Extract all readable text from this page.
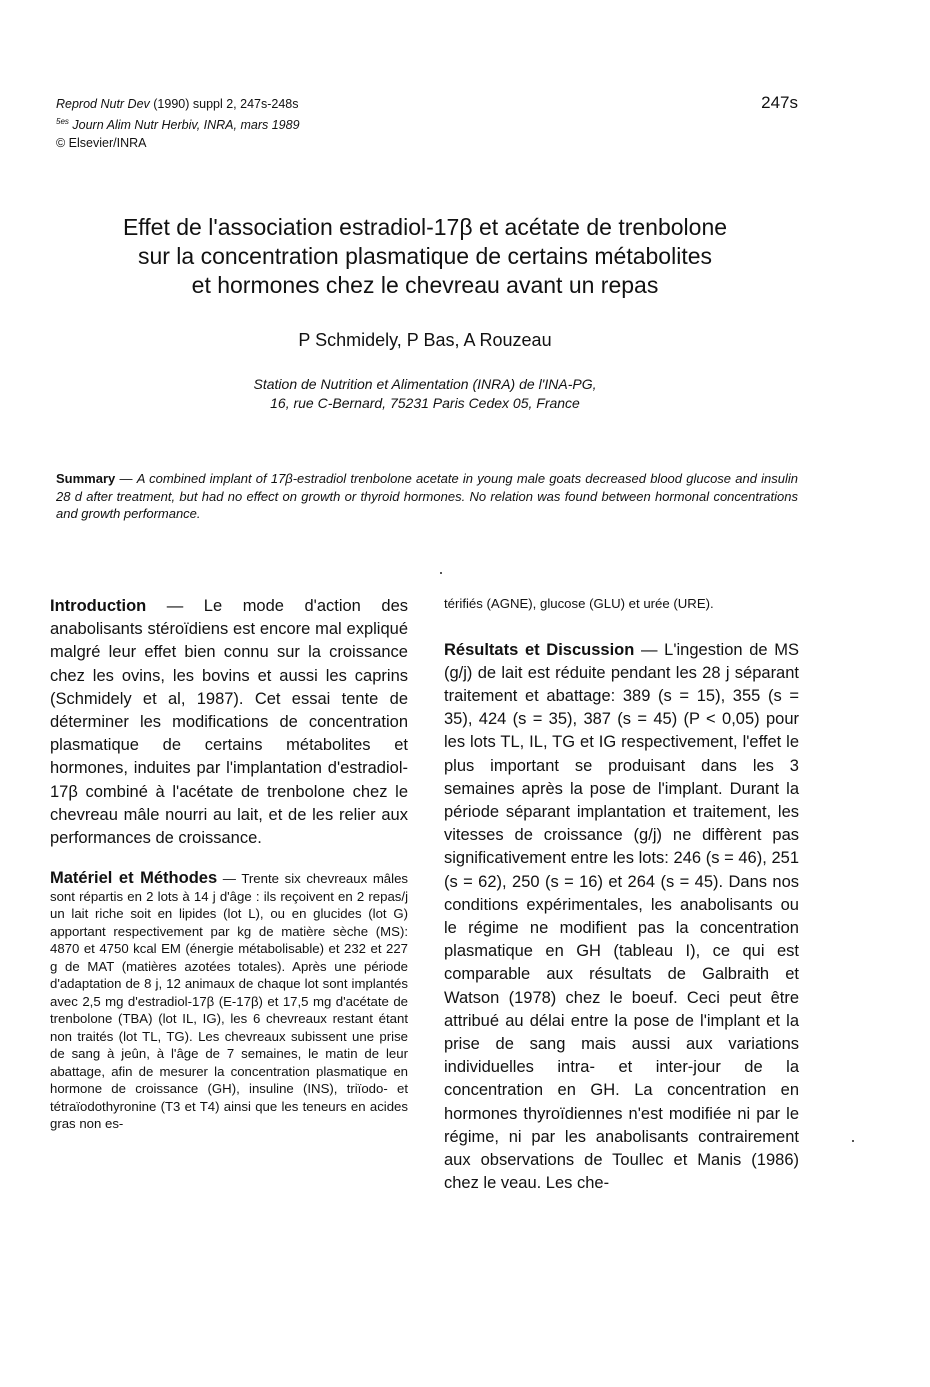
Reprod Nutr Dev (1990) suppl 2, 247s-248s
$^{5es}$ Journ Alim Nutr Herbiv, INRA, mars 1989
© Elsevier/INRA
247s
Effet de l'association estradiol-17β et acétate de trenbolone
sur la concentration plasmatique de certains métabolites
et hormones chez le chevreau avant un repas
P Schmidely, P Bas, A Rouzeau
Station de Nutrition et Alimentation (INRA) de l'INA-PG,
16, rue C-Bernard, 75231 Paris Cedex 05, France
Summary — A combined implant of 17β-estradiol trenbolone acetate in young male goats decreased blood glucose and insulin 28 d after treatment, but had no effect on growth or thyroid hormones. No relation was found between hormonal concentrations and growth performance.

Introduction — Le mode d'action des anabolisants stéroïdiens est encore mal expliqué malgré leur effet bien connu sur la croissance chez les ovins, les bovins et aussi les caprins (Schmidely et al, 1987). Cet essai tente de déterminer les modifications de concentration plasmatique de certains métabolites et hormones, induites par l'implantation d'estradiol-17β combiné à l'acétate de trenbolone chez le chevreau mâle nourri au lait, et de les relier aux performances de croissance.

Matériel et Méthodes — Trente six chevreaux mâles sont répartis en 2 lots à 14 j d'âge : ils reçoivent en 2 repas/j un lait riche soit en lipides (lot L), ou en glucides (lot G) apportant respectivement par kg de matière sèche (MS): 4870 et 4750 kcal EM (énergie métabolisable) et 232 et 227 g de MAT (matières azotées totales). Après une période d'adaptation de 8 j, 12 animaux de chaque lot sont implantés avec 2,5 mg d'estradiol-17β (E-17β) et 17,5 mg d'acétate de trenbolone (TBA) (lot IL, IG), les 6 chevreaux restant étant non traités (lot TL, TG). Les chevreaux subissent une prise de sang à jeûn, à l'âge de 7 semaines, le matin de leur abattage, afin de mesurer la concentration plasmatique en hormone de croissance (GH), insuline (INS), triïodo- et tétraïodothyronine (T3 et T4) ainsi que les teneurs en acides gras non es-

térifiés (AGNE), glucose (GLU) et urée (URE).

Résultats et Discussion — L'ingestion de MS (g/j) de lait est réduite pendant les 28 j séparant traitement et abattage: 389 (s = 15), 355 (s = 35), 424 (s = 35), 387 (s = 45) (P < 0,05) pour les lots TL, IL, TG et IG respectivement, l'effet le plus important se produisant dans les 3 semaines après la pose de l'implant. Durant la période séparant implantation et traitement, les vitesses de croissance (g/j) ne diffèrent pas significativement entre les lots: 246 (s = 46), 251 (s = 62), 250 (s = 16) et 264 (s = 45). Dans nos conditions expérimentales, les anabolisants ou le régime ne modifient pas la concentration plasmatique en GH (tableau I), ce qui est comparable aux résultats de Galbraith et Watson (1978) chez le boeuf. Ceci peut être attribué au délai entre la pose de l'implant et la prise de sang mais aussi aux variations individuelles intra- et inter-jour de la concentration en GH. La concentration en hormones thyroïdiennes n'est modifiée ni par le régime, ni par les anabolisants contrairement aux observations de Toullec et Manis (1986) chez le veau. Les che-
